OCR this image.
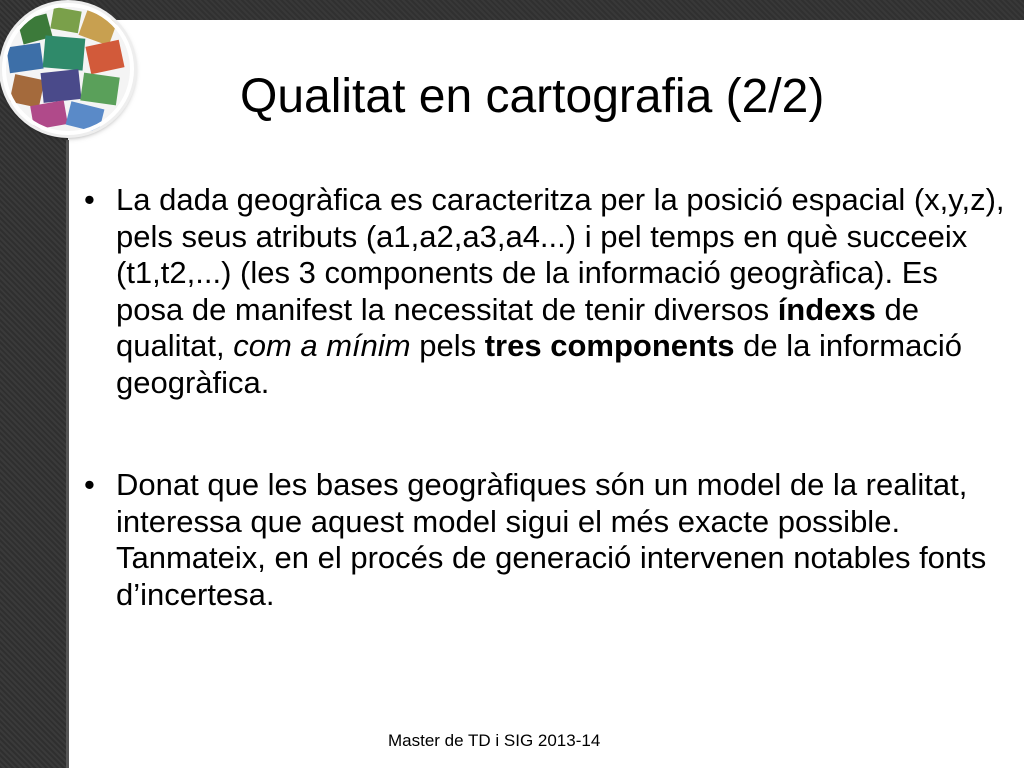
Qualitat en cartografia (2/2)
• La dada geogràfica es caracteritza per la posició espacial (x,y,z), pels seus atributs (a1,a2,a3,a4...) i pel temps en què succeeix (t1,t2,...) (les 3 components de la informació geogràfica). Es posa de manifest la necessitat de tenir diversos índexs de qualitat, com a mínim pels tres components de la informació geogràfica.
• Donat que les bases geogràfiques són un model de la realitat, interessa que aquest model sigui el més exacte possible. Tanmateix, en el procés de generació intervenen notables fonts d’incertesa.
Master de TD i SIG 2013-14
